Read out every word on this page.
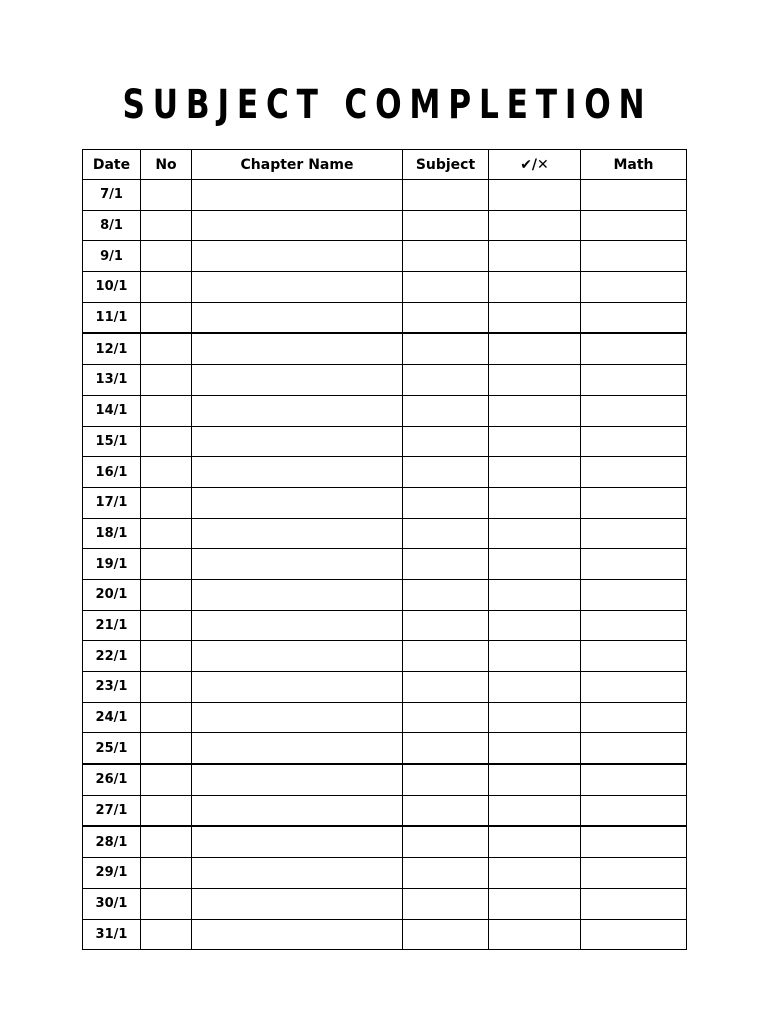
SUBJECT COMPLETION
Date	No	Chapter Name	Subject	✔/✕	Math
7/1					
8/1					
9/1					
10/1					
11/1					
12/1					
13/1					
14/1					
15/1					
16/1					
17/1					
18/1					
19/1					
20/1					
21/1					
22/1					
23/1					
24/1					
25/1					
26/1					
27/1					
28/1					
29/1					
30/1					
31/1					
